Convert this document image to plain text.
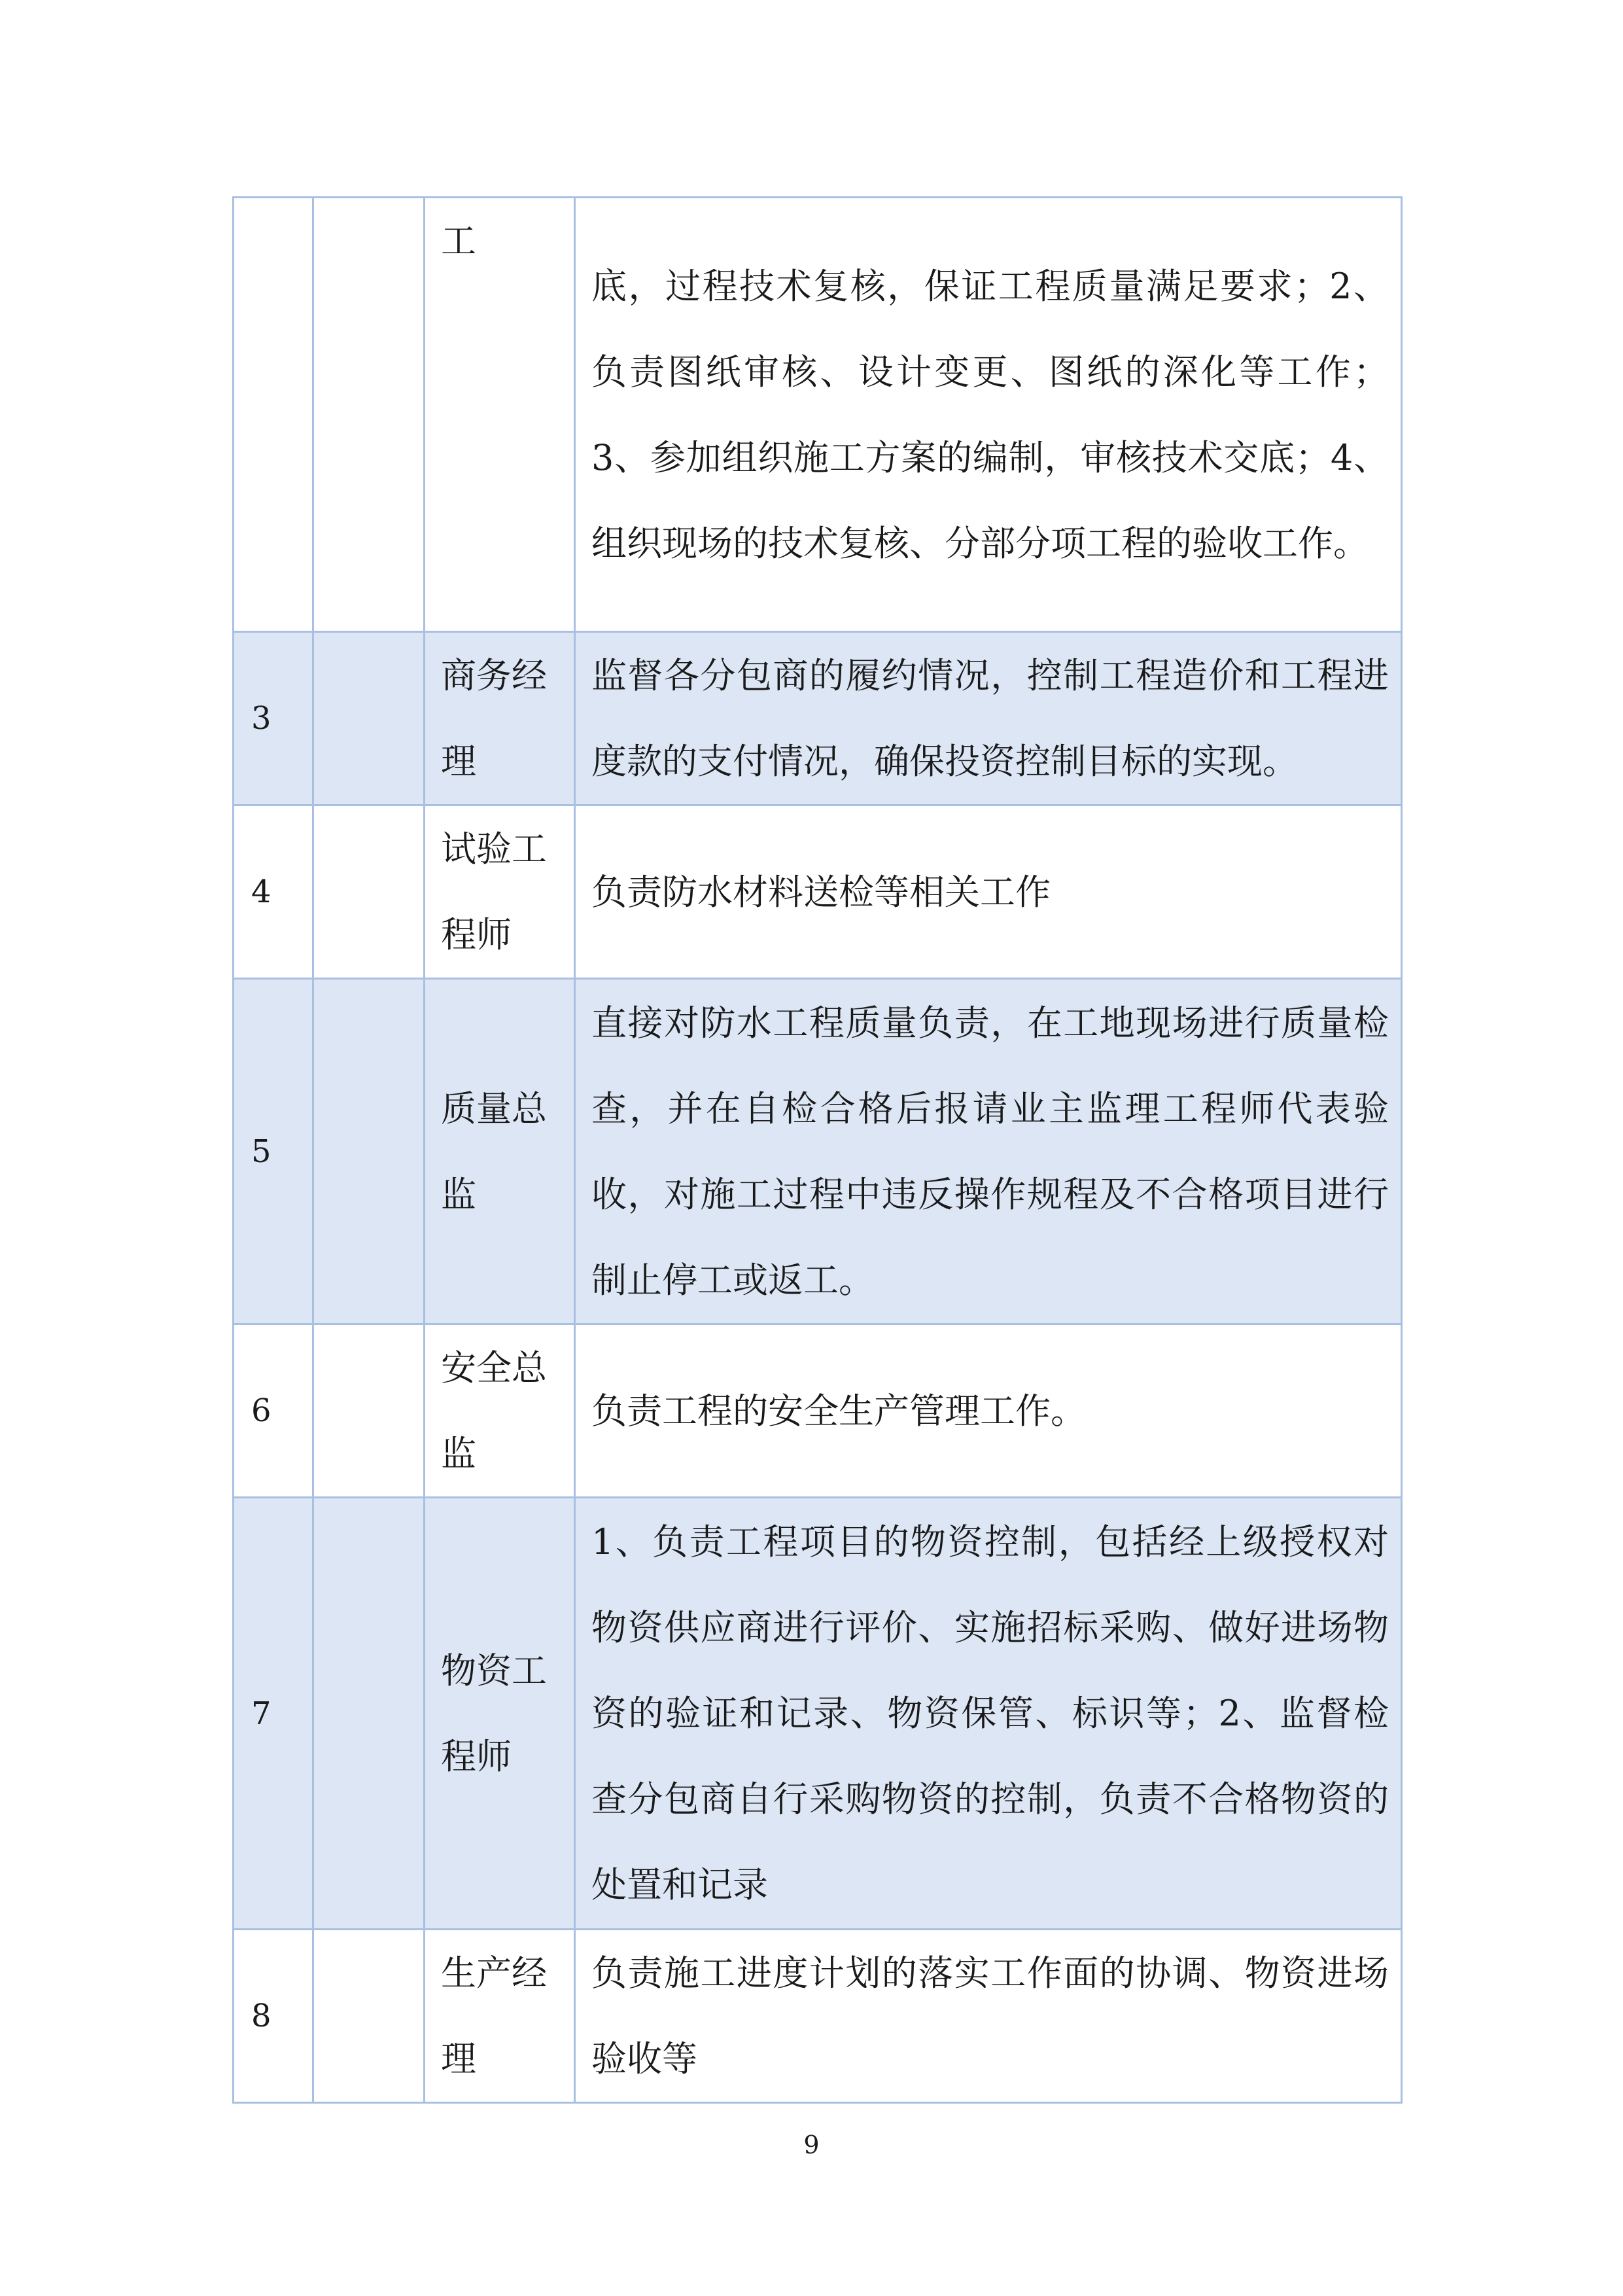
		工	底，过程技术复核，保证工程质量满足要求；2、负责图纸审核、设计变更、图纸的深化等工作；3、参加组织施工方案的编制，审核技术交底；4、组织现场的技术复核、分部分项工程的验收工作。
3		商务经理	监督各分包商的履约情况，控制工程造价和工程进度款的支付情况，确保投资控制目标的实现。
4		试验工程师	负责防水材料送检等相关工作
5		质量总监	直接对防水工程质量负责，在工地现场进行质量检查，并在自检合格后报请业主监理工程师代表验收，对施工过程中违反操作规程及不合格项目进行制止停工或返工。
6		安全总监	负责工程的安全生产管理工作。
7		物资工程师	1、负责工程项目的物资控制，包括经上级授权对物资供应商进行评价、实施招标采购、做好进场物资的验证和记录、物资保管、标识等；2、监督检查分包商自行采购物资的控制，负责不合格物资的处置和记录
8		生产经理	负责施工进度计划的落实工作面的协调、物资进场验收等
9
